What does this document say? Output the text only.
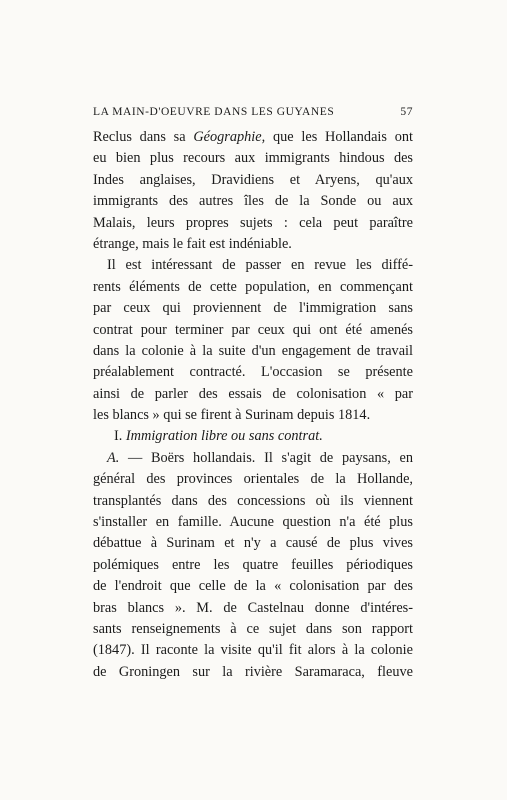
LA MAIN-D'OEUVRE DANS LES GUYANES	57
Reclus dans sa Géographie, que les Hollandais ont
eu bien plus recours aux immigrants hindous des
Indes anglaises, Dravidiens et Aryens, qu'aux
immigrants des autres îles de la Sonde ou aux
Malais, leurs propres sujets : cela peut paraître
étrange, mais le fait est indéniable.
Il est intéressant de passer en revue les diffé-
rents éléments de cette population, en commençant
par ceux qui proviennent de l'immigration sans
contrat pour terminer par ceux qui ont été amenés
dans la colonie à la suite d'un engagement de travail
préalablement contracté. L'occasion se présente
ainsi de parler des essais de colonisation « par
les blancs » qui se firent à Surinam depuis 1814.
I. Immigration libre ou sans contrat.
A. — Boërs hollandais. Il s'agit de paysans, en
général des provinces orientales de la Hollande,
transplantés dans des concessions où ils viennent
s'installer en famille. Aucune question n'a été plus
débattue à Surinam et n'y a causé de plus vives
polémiques entre les quatre feuilles périodiques
de l'endroit que celle de la « colonisation par des
bras blancs ». M. de Castelnau donne d'intéres-
sants renseignements à ce sujet dans son rapport
(1847). Il raconte la visite qu'il fit alors à la colonie
de Groningen sur la rivière Saramaraca, fleuve
